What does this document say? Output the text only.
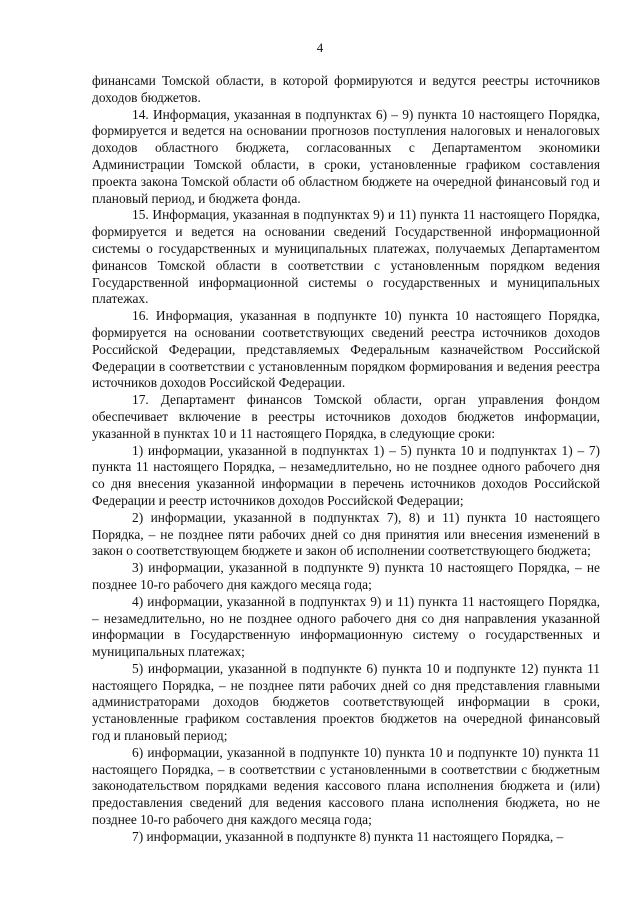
4

финансами Томской области, в которой формируются и ведутся реестры источников доходов бюджетов.

14. Информация, указанная в подпунктах 6) – 9) пункта 10 настоящего Порядка, формируется и ведется на основании прогнозов поступления налоговых и неналоговых доходов областного бюджета, согласованных с Департаментом экономики Администрации Томской области, в сроки, установленные графиком составления проекта закона Томской области об областном бюджете на очередной финансовый год и плановый период, и бюджета фонда.

15. Информация, указанная в подпунктах 9) и 11) пункта 11 настоящего Порядка, формируется и ведется на основании сведений Государственной информационной системы о государственных и муниципальных платежах, получаемых Департаментом финансов Томской области в соответствии с установленным порядком ведения Государственной информационной системы о государственных и муниципальных платежах.

16. Информация, указанная в подпункте 10) пункта 10 настоящего Порядка, формируется на основании соответствующих сведений реестра источников доходов Российской Федерации, представляемых Федеральным казначейством Российской Федерации в соответствии с установленным порядком формирования и ведения реестра источников доходов Российской Федерации.

17. Департамент финансов Томской области, орган управления фондом обеспечивает включение в реестры источников доходов бюджетов информации, указанной в пунктах 10 и 11 настоящего Порядка, в следующие сроки:

1) информации, указанной в подпунктах 1) – 5) пункта 10 и подпунктах 1) – 7) пункта 11 настоящего Порядка, – незамедлительно, но не позднее одного рабочего дня со дня внесения указанной информации в перечень источников доходов Российской Федерации и реестр источников доходов Российской Федерации;

2) информации, указанной в подпунктах 7), 8) и 11) пункта 10 настоящего Порядка, – не позднее пяти рабочих дней со дня принятия или внесения изменений в закон о соответствующем бюджете и закон об исполнении соответствующего бюджета;

3) информации, указанной в подпункте 9) пункта 10 настоящего Порядка, – не позднее 10-го рабочего дня каждого месяца года;

4) информации, указанной в подпунктах 9) и 11) пункта 11 настоящего Порядка, – незамедлительно, но не позднее одного рабочего дня со дня направления указанной информации в Государственную информационную систему о государственных и муниципальных платежах;

5) информации, указанной в подпункте 6) пункта 10 и подпункте 12) пункта 11 настоящего Порядка, – не позднее пяти рабочих дней со дня представления главными администраторами доходов бюджетов соответствующей информации в сроки, установленные графиком составления проектов бюджетов на очередной финансовый год и плановый период;

6) информации, указанной в подпункте 10) пункта 10 и подпункте 10) пункта 11 настоящего Порядка, – в соответствии с установленными в соответствии с бюджетным законодательством порядками ведения кассового плана исполнения бюджета и (или) предоставления сведений для ведения кассового плана исполнения бюджета, но не позднее 10-го рабочего дня каждого месяца года;

7) информации, указанной в подпункте 8) пункта 11 настоящего Порядка, –
